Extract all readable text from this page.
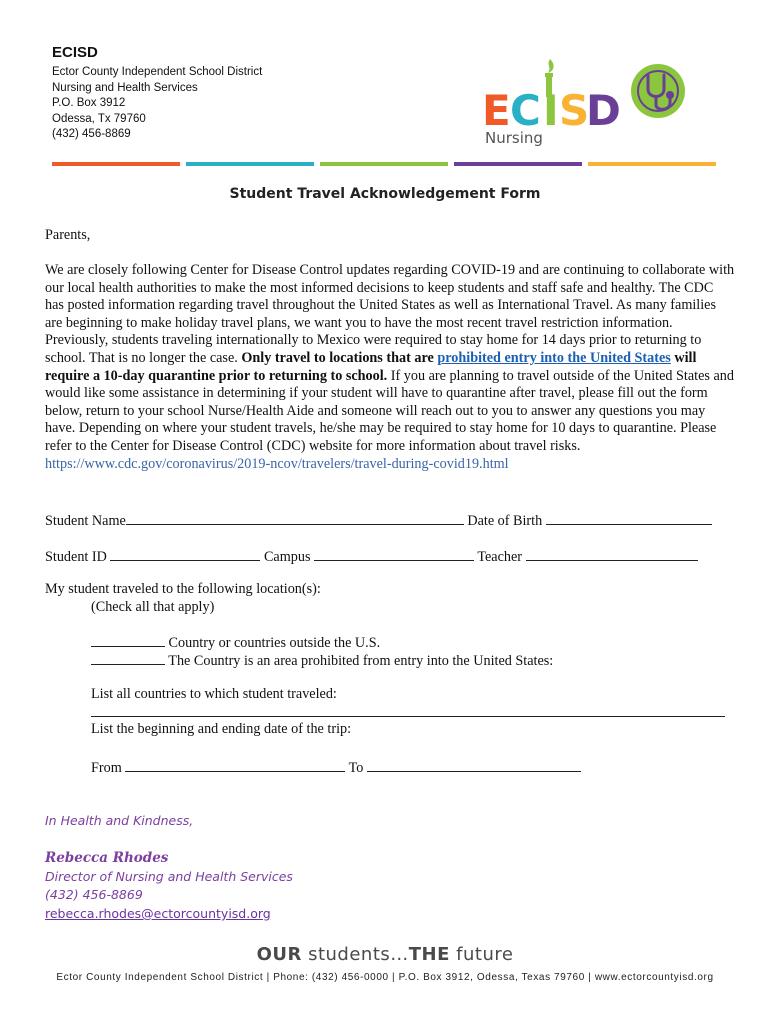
ECISD
Ector County Independent School District
Nursing and Health Services
P.O. Box 3912
Odessa, Tx 79760
(432) 456-8869	E C I S
D
Nursing
Student Travel Acknowledgement Form
Parents,
We are closely following Center for Disease Control updates regarding COVID-19 and are continuing to collaborate with our local health authorities to make the most informed decisions to keep students and staff safe and healthy. The CDC has posted information regarding travel throughout the United States as well as International Travel. As many families are beginning to make holiday travel plans, we want you to have the most recent travel restriction information. Previously, students traveling internationally to Mexico were required to stay home for 14 days prior to returning to school. That is no longer the case. Only travel to locations that are prohibited entry into the United States will require a 10-day quarantine prior to returning to school. If you are planning to travel outside of the United States and would like some assistance in determining if your student will have to quarantine after travel, please fill out the form below, return to your school Nurse/Health Aide and someone will reach out to you to answer any questions you may have. Depending on where your student travels, he/she may be required to stay home for 10 days to quarantine. Please refer to the Center for Disease Control (CDC) website for more information about travel risks. https://www.cdc.gov/coronavirus/2019-ncov/travelers/travel-during-covid19.html
Student Name	Date of Birth
Student ID	Campus	Teacher
My student traveled to the following location(s):
(Check all that apply)
Country or countries outside the U.S.
The Country is an area prohibited from entry into the United States:
List all countries to which student traveled:
List the beginning and ending date of the trip:
From	To
In Health and Kindness,
Rebecca Rhodes
Director of Nursing and Health Services
(432) 456-8869
rebecca.rhodes@ectorcountyisd.org
OUR students…THE future
Ector County Independent School District | Phone: (432) 456-0000 | P.O. Box 3912, Odessa, Texas 79760 | www.ectorcountyisd.org
